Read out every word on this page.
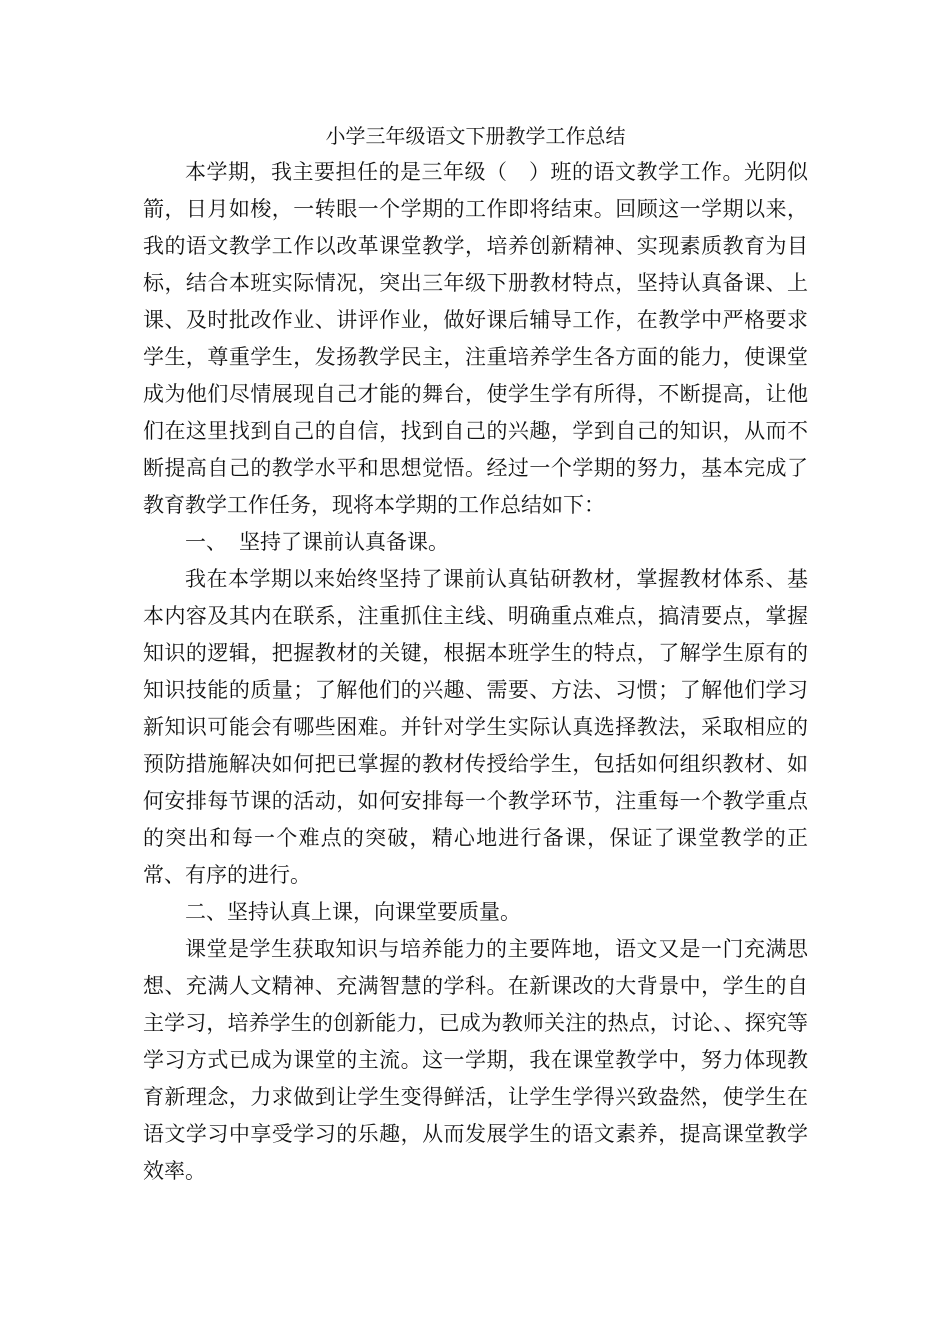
小学三年级语文下册教学工作总结

本学期，我主要担任的是三年级（　）班的语文教学工作。光阴似箭，日月如梭，一转眼一个学期的工作即将结束。回顾这一学期以来，我的语文教学工作以改革课堂教学，培养创新精神、实现素质教育为目标，结合本班实际情况，突出三年级下册教材特点，坚持认真备课、上课、及时批改作业、讲评作业，做好课后辅导工作，在教学中严格要求学生，尊重学生，发扬教学民主，注重培养学生各方面的能力，使课堂成为他们尽情展现自己才能的舞台，使学生学有所得，不断提高，让他们在这里找到自己的自信，找到自己的兴趣，学到自己的知识，从而不断提高自己的教学水平和思想觉悟。经过一个学期的努力，基本完成了教育教学工作任务，现将本学期的工作总结如下：

一、 坚持了课前认真备课。

我在本学期以来始终坚持了课前认真钻研教材，掌握教材体系、基本内容及其内在联系，注重抓住主线、明确重点难点，搞清要点，掌握知识的逻辑，把握教材的关键，根据本班学生的特点，了解学生原有的知识技能的质量；了解他们的兴趣、需要、方法、习惯；了解他们学习新知识可能会有哪些困难。并针对学生实际认真选择教法，采取相应的预防措施解决如何把已掌握的教材传授给学生，包括如何组织教材、如何安排每节课的活动，如何安排每一个教学环节，注重每一个教学重点的突出和每一个难点的突破，精心地进行备课，保证了课堂教学的正常、有序的进行。

二、坚持认真上课，向课堂要质量。

课堂是学生获取知识与培养能力的主要阵地，语文又是一门充满思想、充满人文精神、充满智慧的学科。在新课改的大背景中，学生的自主学习，培养学生的创新能力，已成为教师关注的热点，讨论、、探究等学习方式已成为课堂的主流。这一学期，我在课堂教学中，努力体现教育新理念，力求做到让学生变得鲜活，让学生学得兴致盎然，使学生在语文学习中享受学习的乐趣，从而发展学生的语文素养，提高课堂教学效率。
